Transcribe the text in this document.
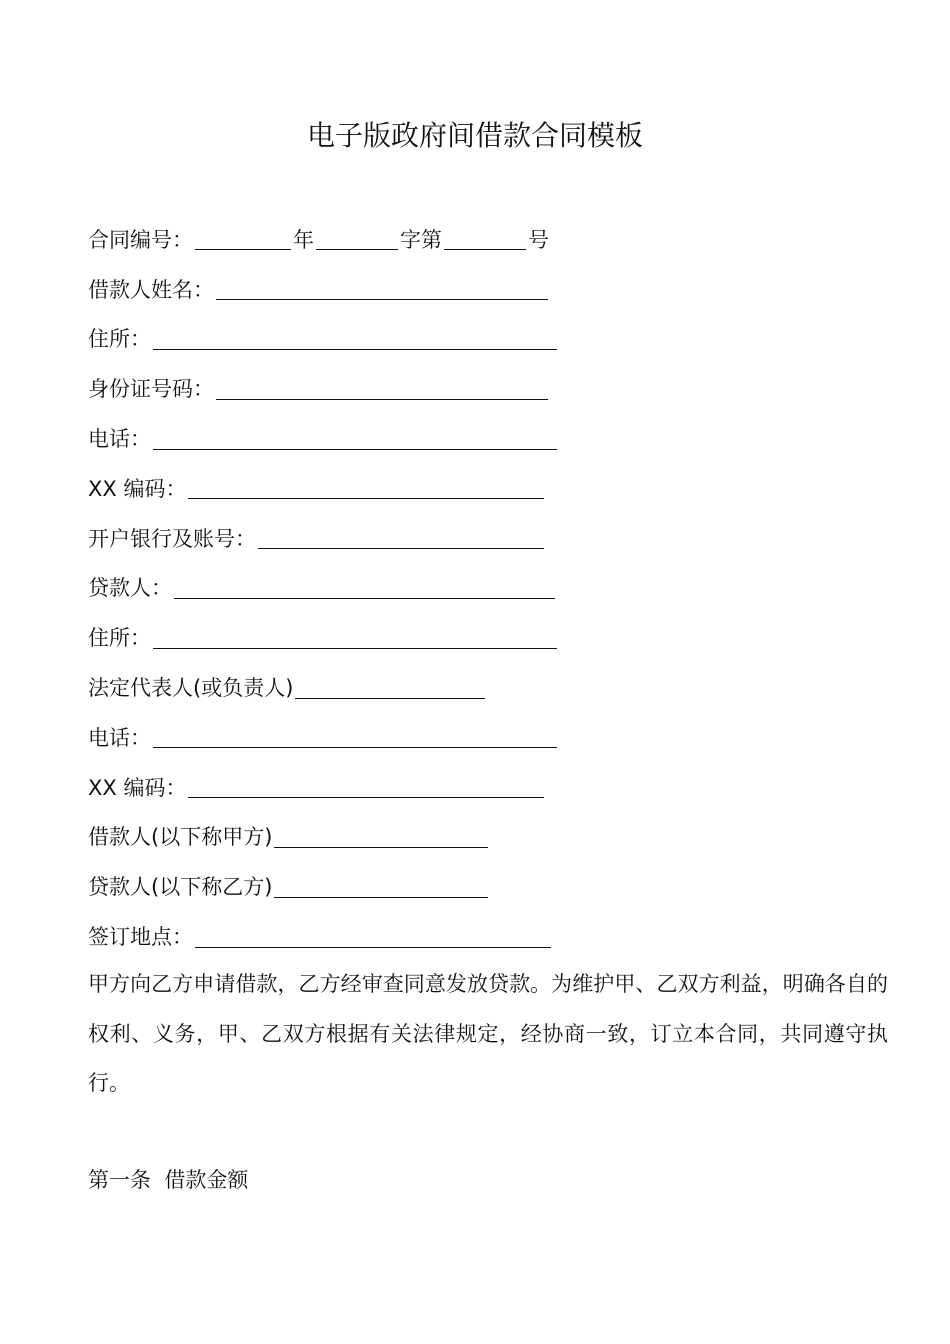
电子版政府间借款合同模板
合同编号：	年	字第	号
借款人姓名：
住所：
身份证号码：
电话：
XX 编码：
开户银行及账号：
贷款人：
住所：
法定代表人(或负责人)
电话：
XX 编码：
借款人(以下称甲方)
贷款人(以下称乙方)
签订地点：

甲方向乙方申请借款，乙方经审查同意发放贷款。为维护甲、乙双方利益，明确各自的权利、义务，甲、乙双方根据有关法律规定，经协商一致，订立本合同，共同遵守执行。

第一条  借款金额
